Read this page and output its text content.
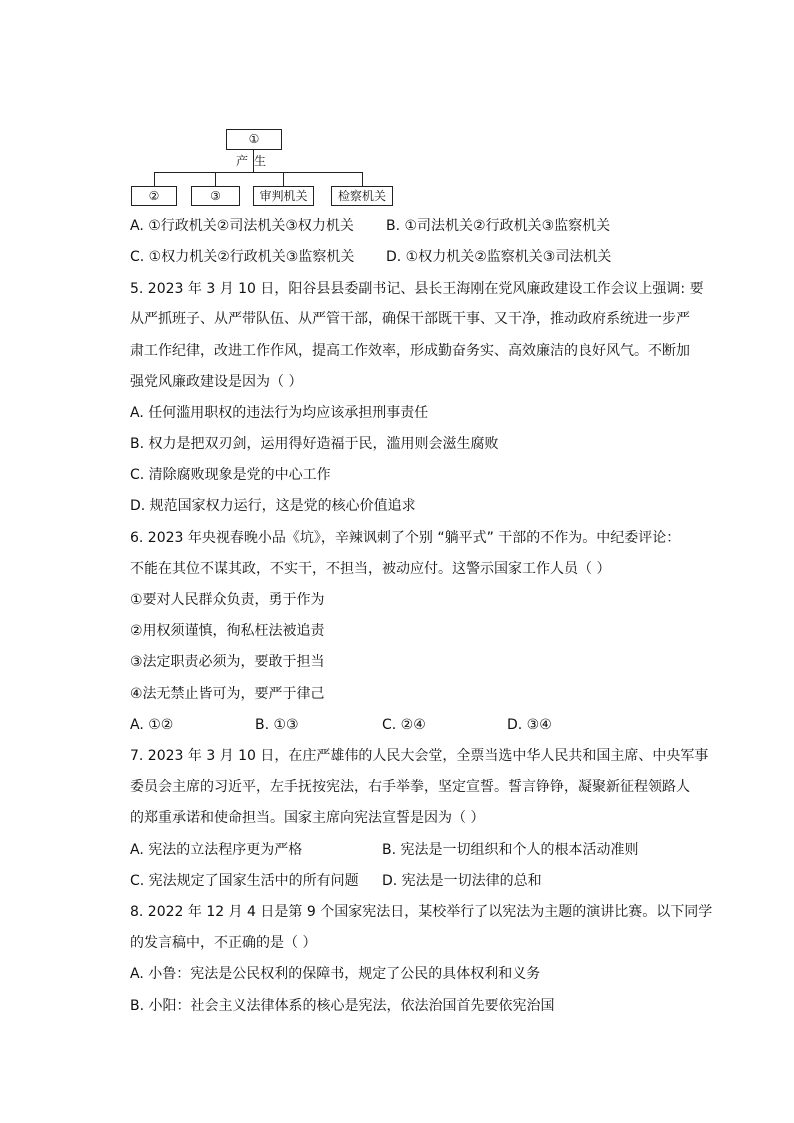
①
产生
②	③	审判机关	检察机关
A. ①行政机关②司法机关③权力机关 B. ①司法机关②行政机关③监察机关
C. ①权力机关②行政机关③监察机关 D. ①权力机关②监察机关③司法机关
5. 2023 年 3 月 10 日，阳谷县县委副书记、县长王海刚在党风廉政建设工作会议上强调: 要
从严抓班子、从严带队伍、从严管干部，确保干部既干事、又干净，推动政府系统进一步严
肃工作纪律，改进工作作风，提高工作效率，形成勤奋务实、高效廉洁的良好风气。不断加
强党风廉政建设是因为（ ）
A. 任何滥用职权的违法行为均应该承担刑事责任
B. 权力是把双刃剑，运用得好造福于民，滥用则会滋生腐败
C. 清除腐败现象是党的中心工作
D. 规范国家权力运行，这是党的核心价值追求
6. 2023 年央视春晚小品《坑》，辛辣讽刺了个别 “躺平式” 干部的不作为。中纪委评论：
不能在其位不谋其政，不实干，不担当，被动应付。这警示国家工作人员（ ）
①要对人民群众负责，勇于作为
②用权须谨慎，徇私枉法被追责
③法定职责必须为，要敢于担当
④法无禁止皆可为，要严于律己
A. ①②	B. ①③	C. ②④	D. ③④
7. 2023 年 3 月 10 日，在庄严雄伟的人民大会堂，全票当选中华人民共和国主席、中央军事
委员会主席的习近平，左手抚按宪法，右手举拳，坚定宣誓。誓言铮铮，凝聚新征程领路人
的郑重承诺和使命担当。国家主席向宪法宣誓是因为（ ）
A. 宪法的立法程序更为严格	B. 宪法是一切组织和个人的根本活动准则
C. 宪法规定了国家生活中的所有问题 D. 宪法是一切法律的总和
8. 2022 年 12 月 4 日是第 9 个国家宪法日，某校举行了以宪法为主题的演讲比赛。以下同学
的发言稿中，不正确的是（ ）
A. 小鲁：宪法是公民权利的保障书，规定了公民的具体权利和义务
B. 小阳：社会主义法律体系的核心是宪法，依法治国首先要依宪治国
